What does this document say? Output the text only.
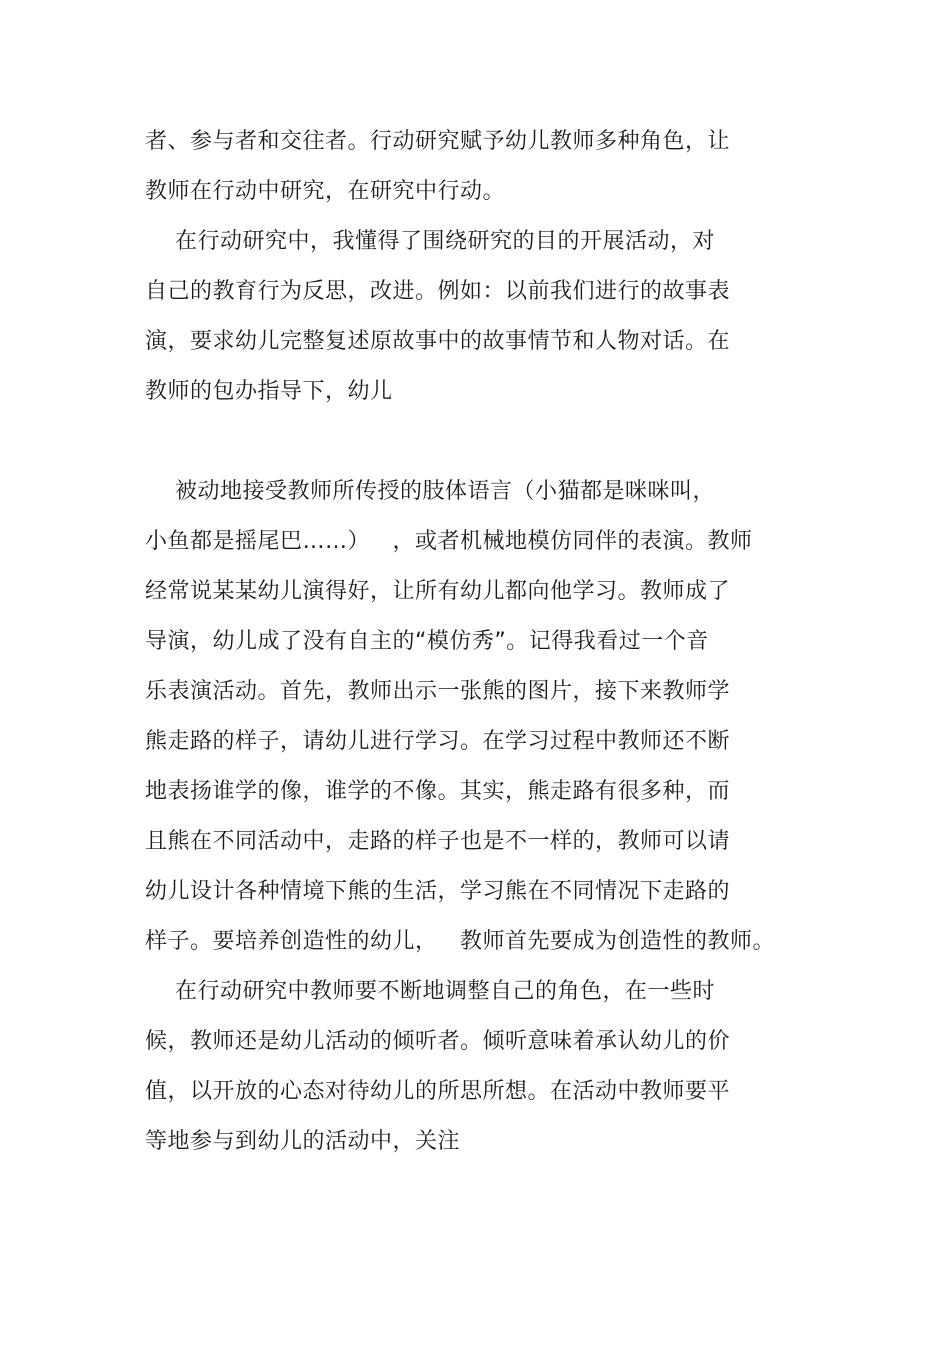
者、参与者和交往者。行动研究赋予幼儿教师多种角色，让
教师在行动中研究，在研究中行动。
在行动研究中，我懂得了围绕研究的目的开展活动，对
自己的教育行为反思，改进。例如：以前我们进行的故事表
演，要求幼儿完整复述原故事中的故事情节和人物对话。在
教师的包办指导下，幼儿
被动地接受教师所传授的肢体语言（小猫都是咪咪叫，
小鱼都是摇尾巴……）   ，或者机械地模仿同伴的表演。教师
经常说某某幼儿演得好，让所有幼儿都向他学习。教师成了
导演，幼儿成了没有自主的“模仿秀”。记得我看过一个音
乐表演活动。首先，教师出示一张熊的图片，接下来教师学
熊走路的样子，请幼儿进行学习。在学习过程中教师还不断
地表扬谁学的像，谁学的不像。其实，熊走路有很多种，而
且熊在不同活动中，走路的样子也是不一样的，教师可以请
幼儿设计各种情境下熊的生活，学习熊在不同情况下走路的
样子。要培养创造性的幼儿，   教师首先要成为创造性的教师。
在行动研究中教师要不断地调整自己的角色，在一些时
候，教师还是幼儿活动的倾听者。倾听意味着承认幼儿的价
值，以开放的心态对待幼儿的所思所想。在活动中教师要平
等地参与到幼儿的活动中，关注
